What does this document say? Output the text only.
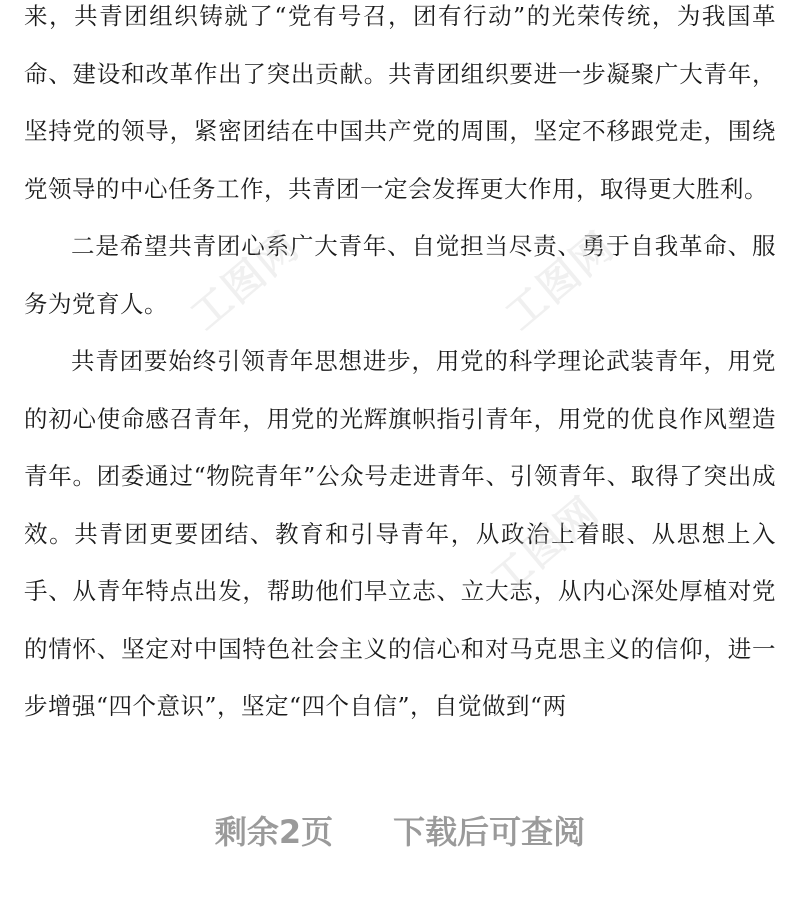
来，共青团组织铸就了“党有号召，团有行动”的光荣传统，为我国革命、建设和改革作出了突出贡献。共青团组织要进一步凝聚广大青年，坚持党的领导，紧密团结在中国共产党的周围，坚定不移跟党走，围绕党领导的中心任务工作，共青团一定会发挥更大作用，取得更大胜利。

二是希望共青团心系广大青年、自觉担当尽责、勇于自我革命、服务为党育人。

共青团要始终引领青年思想进步，用党的科学理论武装青年，用党的初心使命感召青年，用党的光辉旗帜指引青年，用党的优良作风塑造青年。团委通过“物院青年”公众号走进青年、引领青年、取得了突出成效。共青团更要团结、教育和引导青年，从政治上着眼、从思想上入手、从青年特点出发，帮助他们早立志、立大志，从内心深处厚植对党的情怀、坚定对中国特色社会主义的信心和对马克思主义的信仰，进一步增强“四个意识”，坚定“四个自信”，自觉做到“两

工图网	工图网
工图网
剩余2页 下载后可查阅
